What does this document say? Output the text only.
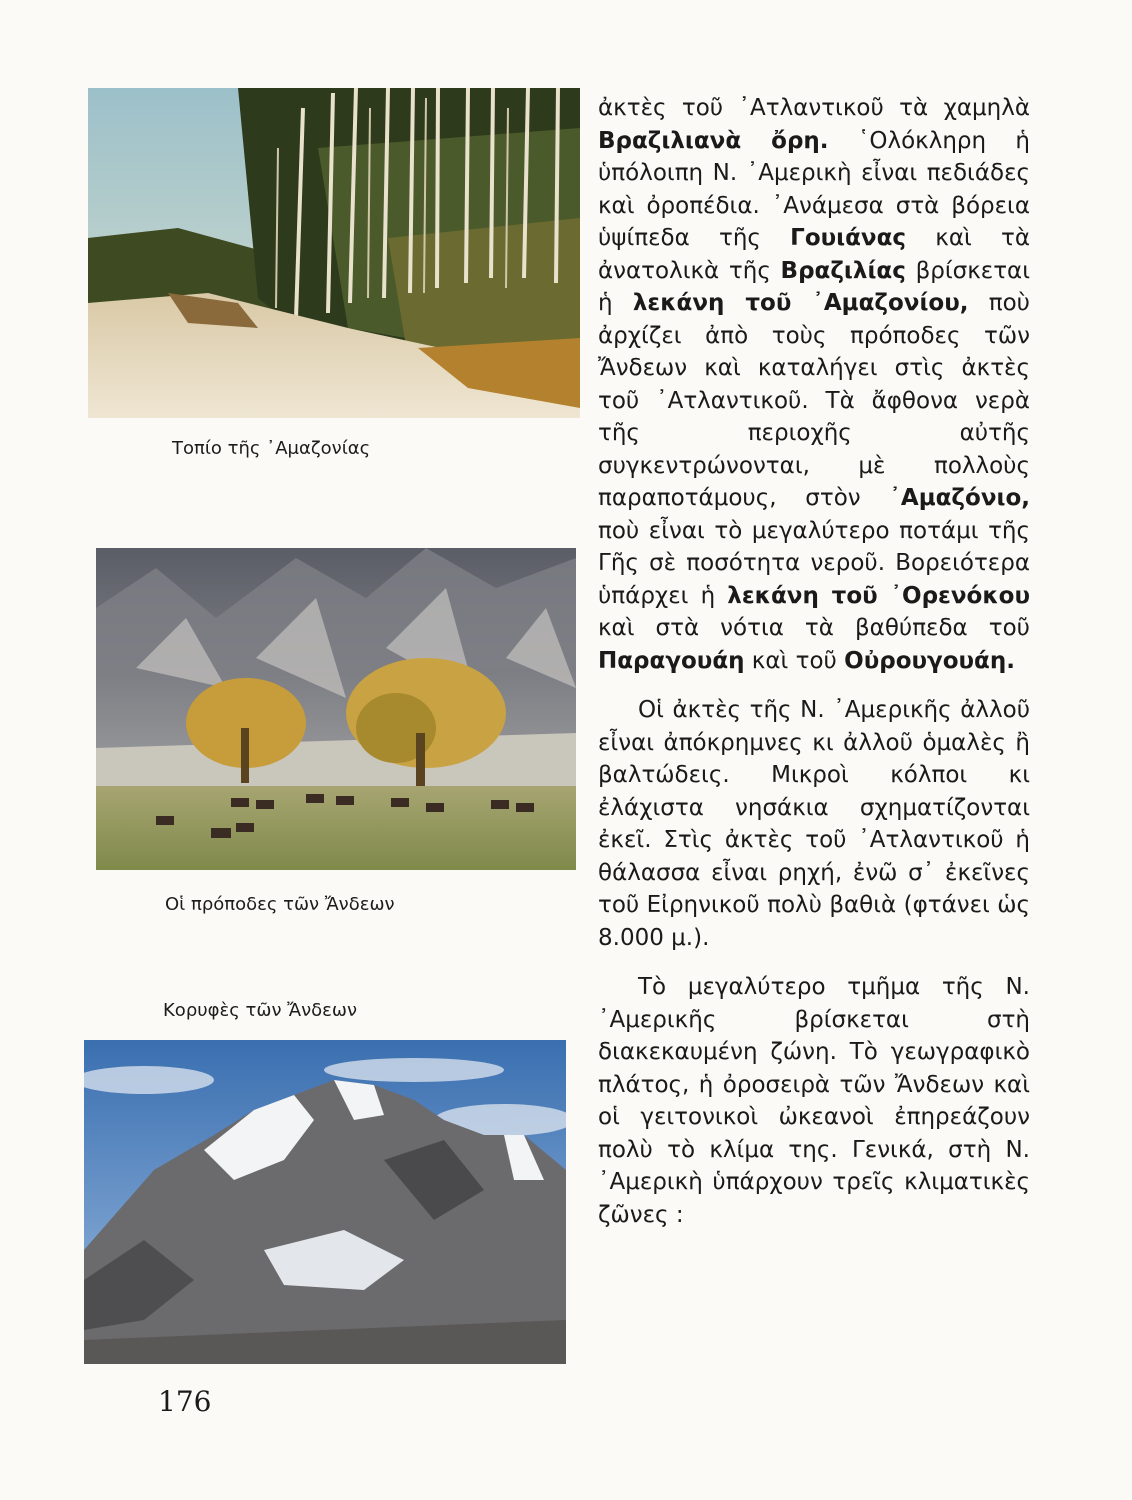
Τοπίο τῆς ᾿Αμαζονίας
Οἱ πρόποδες τῶν Ἄνδεων
Κορυφὲς τῶν Ἄνδεων

ἀκτὲς τοῦ ᾿Ατλαντικοῦ τὰ χαμηλὰ Βραζιλιανὰ ὄρη. ῾Ολόκληρη ἡ ὑπόλοιπη Ν. ᾿Αμερικὴ εἶναι πεδιάδες καὶ ὀροπέδια. ᾿Ανάμεσα στὰ βόρεια ὑψίπεδα τῆς Γουιάνας καὶ τὰ ἀνατολικὰ τῆς Βραζιλίας βρίσκεται ἡ λεκάνη τοῦ ᾿Αμαζονίου, ποὺ ἀρχίζει ἀπὸ τοὺς πρόποδες τῶν Ἄνδεων καὶ καταλήγει στὶς ἀκτὲς τοῦ ᾿Ατλαντικοῦ. Τὰ ἄφθονα νερὰ τῆς περιοχῆς αὐτῆς συγκεντρώνονται, μὲ πολλοὺς παραποτάμους, στὸν ᾿Αμαζόνιο, ποὺ εἶναι τὸ μεγαλύτερο ποτάμι τῆς Γῆς σὲ ποσότητα νεροῦ. Βορειότερα ὑπάρχει ἡ λεκάνη τοῦ ᾿Ορενόκου καὶ στὰ νότια τὰ βαθύπεδα τοῦ Παραγουάη καὶ τοῦ Οὐρουγουάη.

Οἱ ἀκτὲς τῆς Ν. ᾿Αμερικῆς ἀλλοῦ εἶναι ἀπόκρημνες κι ἀλλοῦ ὁμαλὲς ἢ βαλτώδεις. Μικροὶ κόλποι κι ἐλάχιστα νησάκια σχηματίζονται ἐκεῖ. Στὶς ἀκτὲς τοῦ ᾿Ατλαντικοῦ ἡ θάλασσα εἶναι ρηχή, ἐνῶ σ᾿ ἐκεῖνες τοῦ Εἰρηνικοῦ πολὺ βαθιὰ (φτάνει ὡς 8.000 μ.).

Τὸ μεγαλύτερο τμῆμα τῆς Ν. ᾿Αμερικῆς βρίσκεται στὴ διακεκαυμένη ζώνη. Τὸ γεωγραφικὸ πλάτος, ἡ ὀροσειρὰ τῶν Ἄνδεων καὶ οἱ γειτονικοὶ ὠκεανοὶ ἐπηρεάζουν πολὺ τὸ κλίμα της. Γενικά, στὴ Ν. ᾿Αμερικὴ ὑπάρχουν τρεῖς κλιματικὲς ζῶνες :

176
